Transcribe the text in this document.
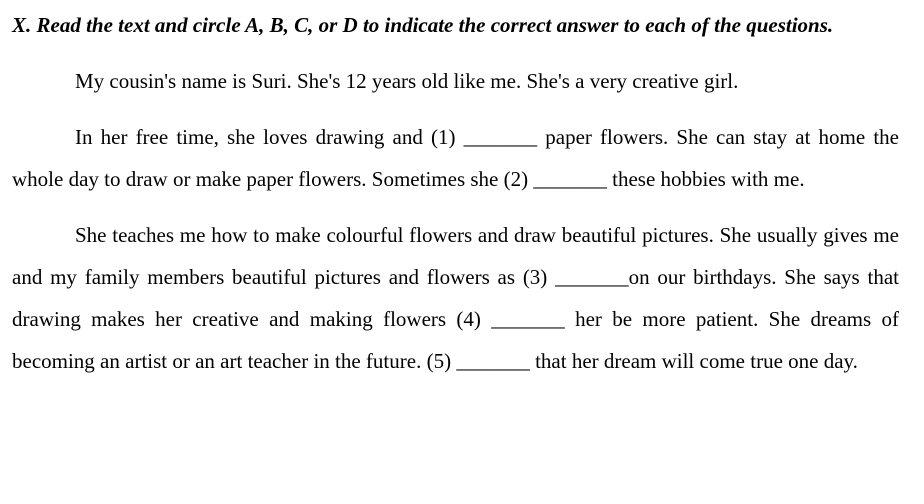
X. Read the text and circle A, B, C, or D to indicate the correct answer to each of the questions.

My cousin's name is Suri. She's 12 years old like me. She's a very creative girl.

In her free time, she loves drawing and (1) _______ paper flowers. She can stay at home the whole day to draw or make paper flowers. Sometimes she (2) _______ these hobbies with me.

She teaches me how to make colourful flowers and draw beautiful pictures. She usually gives me and my family members beautiful pictures and flowers as (3) _______on our birthdays. She says that drawing makes her creative and making flowers (4) _______ her be more patient. She dreams of becoming an artist or an art teacher in the future. (5) _______ that her dream will come true one day.
